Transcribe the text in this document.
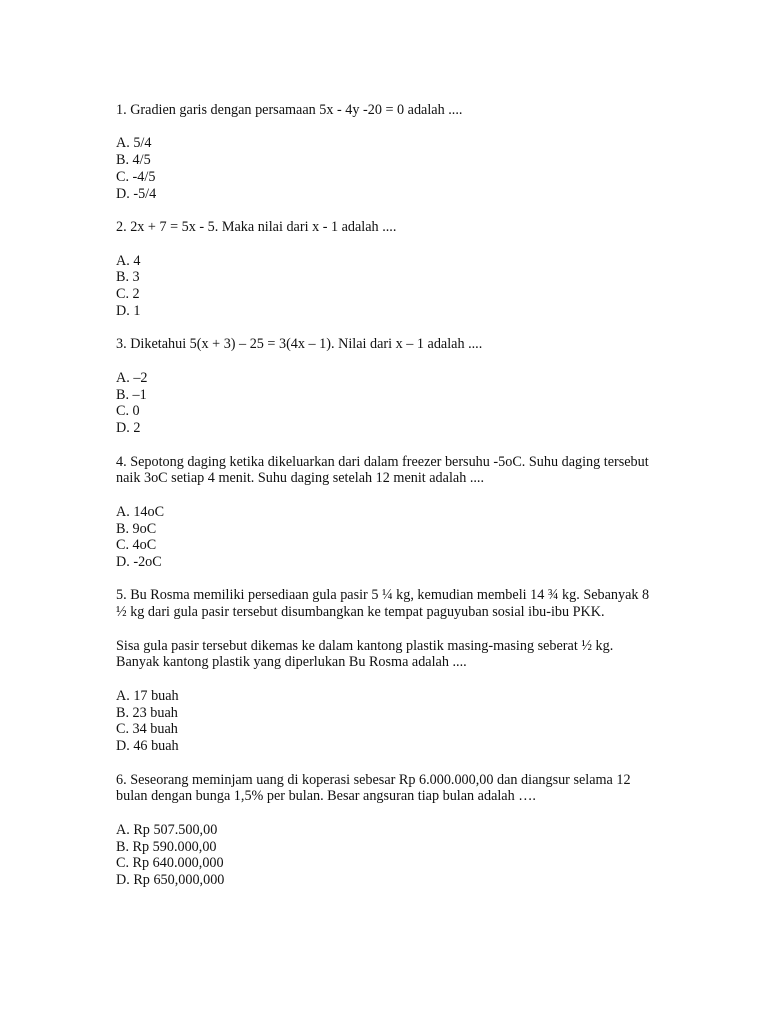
1. Gradien garis dengan persamaan 5x - 4y -20 = 0 adalah ....

A. 5/4
B. 4/5
C. -4/5
D. -5/4

2. 2x + 7 = 5x - 5. Maka nilai dari x - 1 adalah ....

A. 4
B. 3
C. 2
D. 1

3. Diketahui 5(x + 3) – 25 = 3(4x – 1). Nilai dari x – 1 adalah ....

A. –2
B. –1
C. 0
D. 2

4. Sepotong daging ketika dikeluarkan dari dalam freezer bersuhu -5oC. Suhu daging tersebut naik 3oC setiap 4 menit. Suhu daging setelah 12 menit adalah ....

A. 14oC
B. 9oC
C. 4oC
D. -2oC

5. Bu Rosma memiliki persediaan gula pasir 5 ¼ kg, kemudian membeli 14 ¾ kg. Sebanyak 8 ½ kg dari gula pasir tersebut disumbangkan ke tempat paguyuban sosial ibu-ibu PKK.

Sisa gula pasir tersebut dikemas ke dalam kantong plastik masing-masing seberat ½ kg. Banyak kantong plastik yang diperlukan Bu Rosma adalah ....

A. 17 buah
B. 23 buah
C. 34 buah
D. 46 buah

6. Seseorang meminjam uang di koperasi sebesar Rp 6.000.000,00 dan diangsur selama 12 bulan dengan bunga 1,5% per bulan. Besar angsuran tiap bulan adalah ….

A. Rp 507.500,00
B. Rp 590.000,00
C. Rp 640.000,000
D. Rp 650,000,000
